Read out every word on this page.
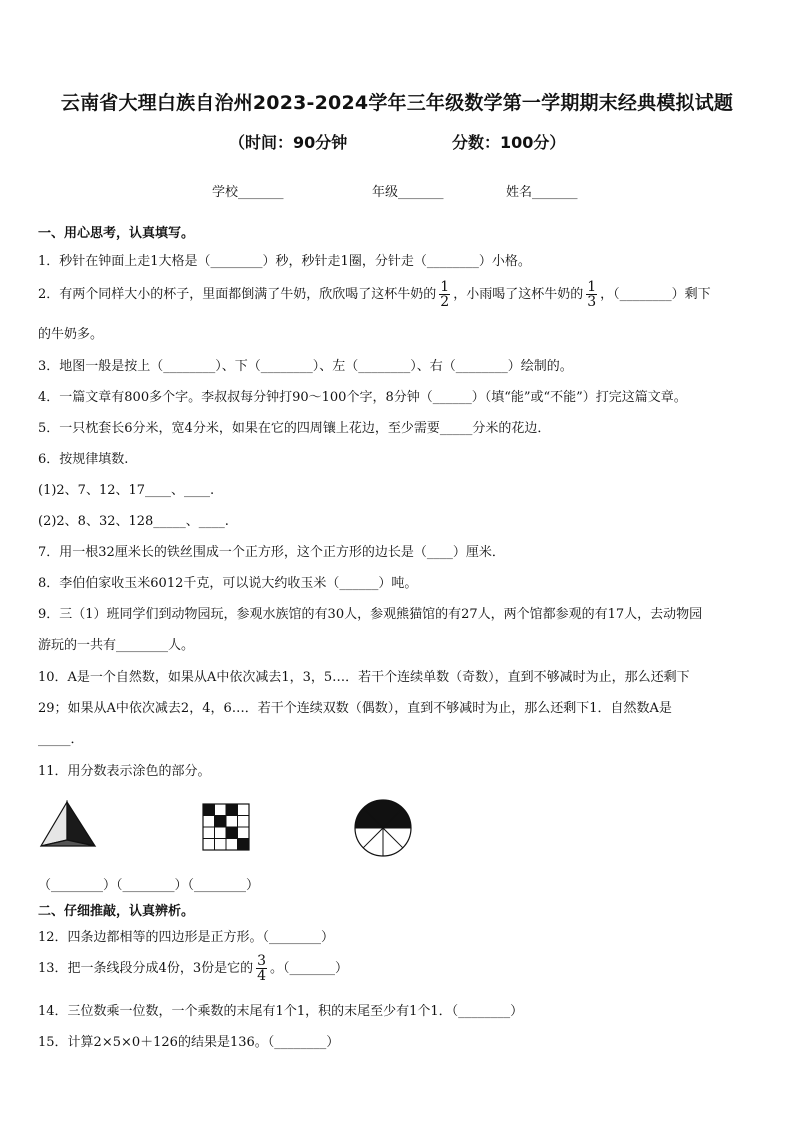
云南省大理白族自治州2023-2024学年三年级数学第一学期期末经典模拟试题
（时间：90分钟	分数：100分）
学校_______	年级_______	姓名_______
一、用心思考，认真填写。
1．秒针在钟面上走1大格是（________）秒，秒针走1圈，分针走（________）小格。
2．有两个同样大小的杯子，里面都倒满了牛奶，欣欣喝了这杯牛奶的 $\frac{1}{2}$ ，小雨喝了这杯牛奶的 $\frac{1}{3}$ ，（________）剩下
的牛奶多。
3．地图一般是按上（________）、下（________）、左（________）、右（________）绘制的。
4．一篇文章有800多个字。李叔叔每分钟打90～100个字，8分钟（______）（填“能”或“不能”）打完这篇文章。
5．一只枕套长6分米，宽4分米，如果在它的四周镶上花边，至少需要_____分米的花边．
6．按规律填数.
(1)2、7、12、17____、____.
(2)2、8、32、128_____、____.
7．用一根32厘米长的铁丝围成一个正方形，这个正方形的边长是（____）厘米．
8．李伯伯家收玉米6012千克，可以说大约收玉米（______）吨。
9．三（1）班同学们到动物园玩，参观水族馆的有30人，参观熊猫馆的有27人，两个馆都参观的有17人，去动物园
游玩的一共有________人。
10．A是一个自然数，如果从A中依次减去1，3，5…．若干个连续单数（奇数），直到不够减时为止，那么还剩下
29；如果从A中依次减去2，4，6…．若干个连续双数（偶数），直到不够减时为止，那么还剩下1．自然数A是
_____．
11．用分数表示涂色的部分。
（________）（________）（________）
二、仔细推敲，认真辨析。
12．四条边都相等的四边形是正方形。（________）
13．把一条线段分成4份，3份是它的 $\frac{3}{4}$ 。（_______）
14．三位数乘一位数，一个乘数的末尾有1个1，积的末尾至少有1个1．（________）
15．计算2×5×0＋126的结果是136。（________）
